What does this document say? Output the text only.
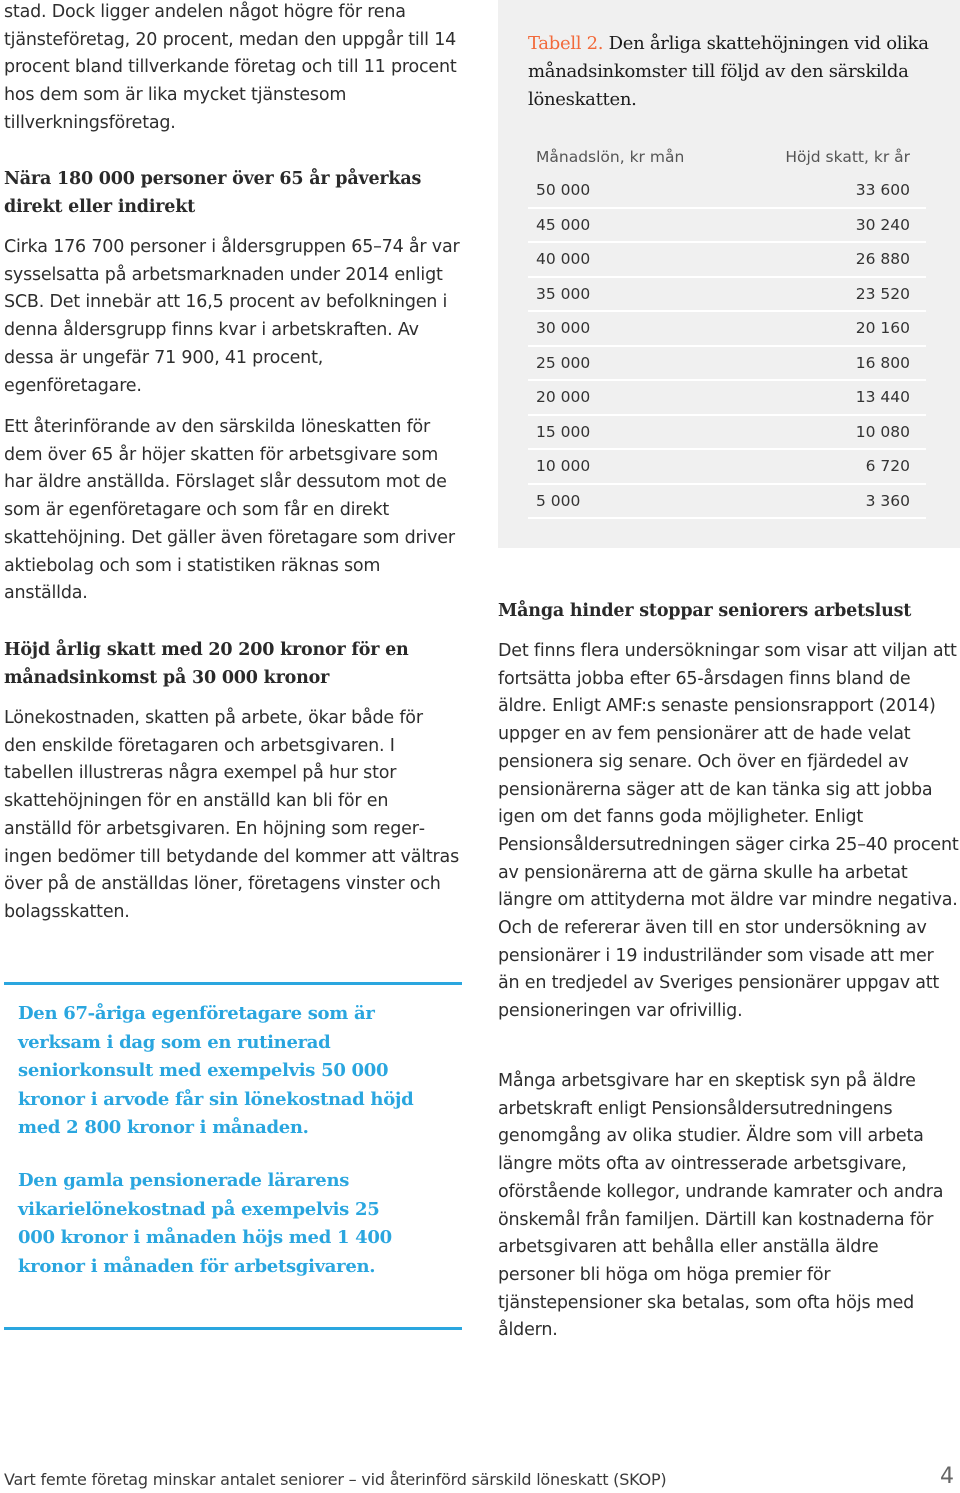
stad. Dock ligger andelen något högre för rena tjänsteföretag, 20 procent, medan den uppgår till 14 procent bland tillverkande företag och till 11 procent hos dem som är lika mycket tjänstesom tillverkningsföretag.

Nära 180 000 personer över 65 år påverkas direkt eller indirekt

Cirka 176 700 personer i åldersgruppen 65–74 år var sysselsatta på arbetsmarknaden under 2014 enligt SCB. Det innebär att 16,5 procent av befolkningen i denna åldersgrupp finns kvar i arbetskraften. Av dessa är ungefär 71 900, 41 procent, egenföretagare.

Ett återinförande av den särskilda löneskatten för dem över 65 år höjer skatten för arbetsgivare som har äldre anställda. Förslaget slår dessutom mot de som är egenföretagare och som får en direkt skattehöjning. Det gäller även företagare som driver aktiebolag och som i statistiken räknas som anställda.

Höjd årlig skatt med 20 200 kronor för en månadsinkomst på 30 000 kronor

Lönekostnaden, skatten på arbete, ökar både för den enskilde företagaren och arbetsgivaren. I tabellen illustreras några exempel på hur stor skattehöjningen för en anställd kan bli för en anställd för arbetsgivaren. En höjning som regeringen bedömer till betydande del kommer att vältras över på de anställdas löner, företagens vinster och bolagsskatten.

Den 67-åriga egenföretagare som är verksam i dag som en rutinerad seniorkonsult med exempelvis 50 000 kronor i arvode får sin lönekostnad höjd med 2 800 kronor i månaden.

Den gamla pensionerade lärarens vikarielönekostnad på exempelvis 25 000 kronor i månaden höjs med 1 400 kronor i månaden för arbetsgivaren.

Tabell 2. Den årliga skattehöjningen vid olika månadsinkomster till följd av den särskilda löneskatten.
Månadslön, kr mån	Höjd skatt, kr år
50 000	33 600
45 000	30 240
40 000	26 880
35 000	23 520
30 000	20 160
25 000	16 800
20 000	13 440
15 000	10 080
10 000	6 720
5 000	3 360

Många hinder stoppar seniorers arbetslust

Det finns flera undersökningar som visar att viljan att fortsätta jobba efter 65-årsdagen finns bland de äldre. Enligt AMF:s senaste pensionsrapport (2014) uppger en av fem pensionärer att de hade velat pensionera sig senare. Och över en fjärdedel av pensionärerna säger att de kan tänka sig att jobba igen om det fanns goda möjligheter. Enligt Pensionsåldersutredningen säger cirka 25–40 procent av pensionärerna att de gärna skulle ha arbetat längre om attityderna mot äldre var mindre negativa. Och de refererar även till en stor undersökning av pensionärer i 19 industriländer som visade att mer än en tredjedel av Sveriges pensionärer uppgav att pensioneringen var ofrivillig.

Många arbetsgivare har en skeptisk syn på äldre arbetskraft enligt Pensionsåldersutredningens genomgång av olika studier. Äldre som vill arbeta längre möts ofta av ointresserade arbetsgivare, oförstående kollegor, undrande kamrater och andra önskemål från familjen. Därtill kan kostnaderna för arbetsgivaren att behålla eller anställa äldre personer bli höga om höga premier för tjänstepensioner ska betalas, som ofta höjs med åldern.

Vart femte företag minskar antalet seniorer – vid återinförd särskild löneskatt (SKOP)	4
